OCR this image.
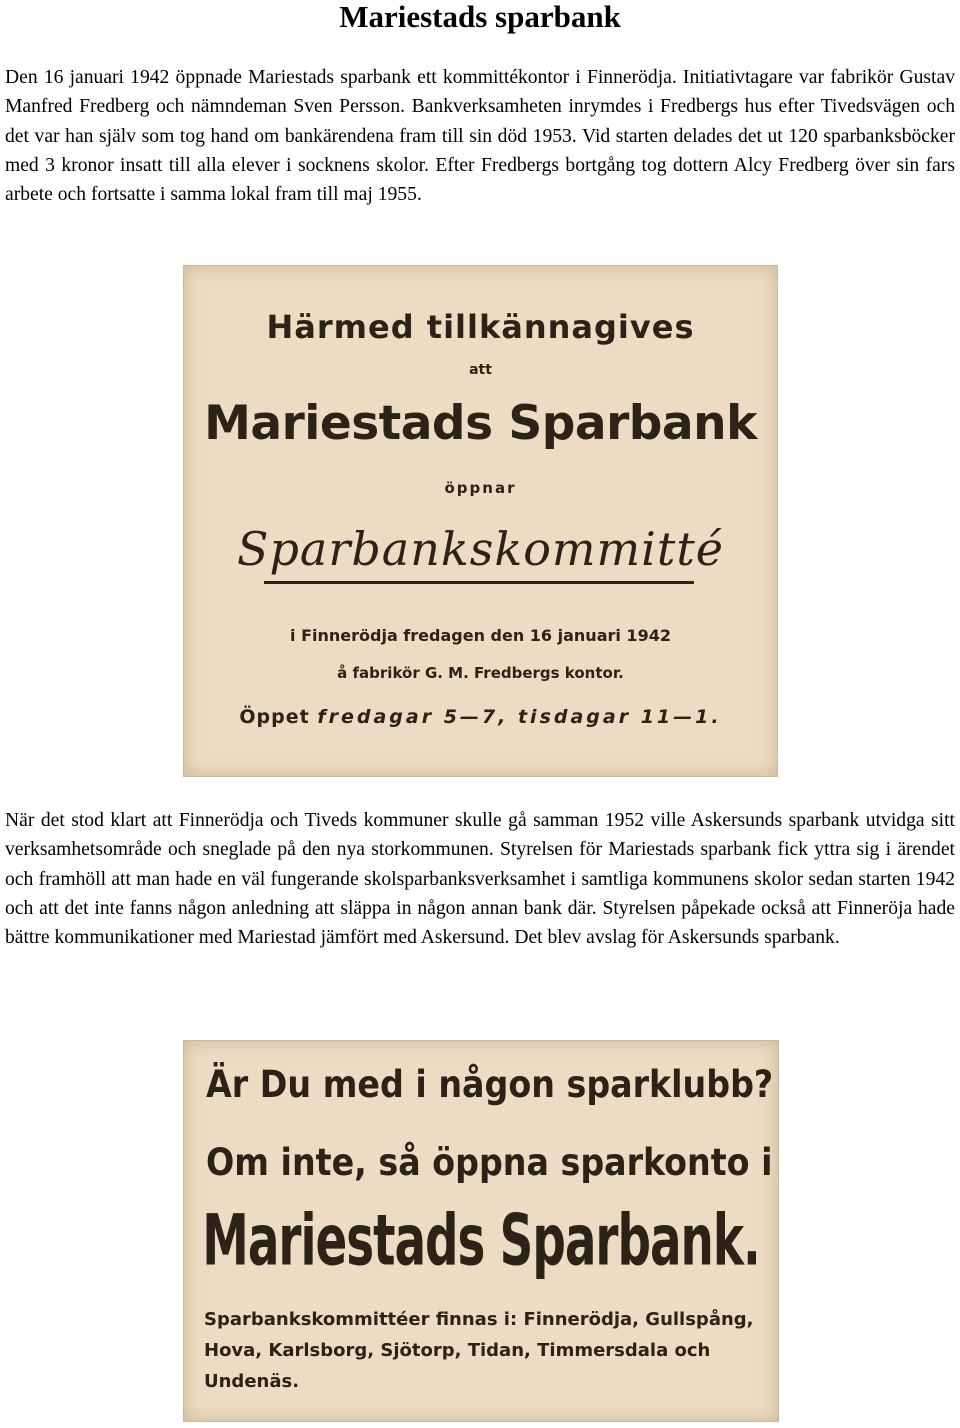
Mariestads sparbank

Den 16 januari 1942 öppnade Mariestads sparbank ett kommittékontor i Finnerödja. Initiativtagare var fabrikör Gustav Manfred Fredberg och nämndeman Sven Persson. Bankverksamheten inrymdes i Fredbergs hus efter Tivedsvägen och det var han själv som tog hand om bankärendena fram till sin död 1953. Vid starten delades det ut 120 sparbanksböcker med 3 kronor insatt till alla elever i socknens skolor. Efter Fredbergs bortgång tog dottern Alcy Fredberg över sin fars arbete och fortsatte i samma lokal fram till maj 1955.

Härmed tillkännagives
att
Mariestads Sparbank
öppnar
Sparbankskommitté
i Finnerödja fredagen den 16 januari 1942
å fabrikör G. M. Fredbergs kontor.
Öppet fredagar 5—7, tisdagar 11—1.

När det stod klart att Finnerödja och Tiveds kommuner skulle gå samman 1952 ville Askersunds sparbank utvidga sitt verksamhetsområde och sneglade på den nya storkommunen. Styrelsen för Mariestads sparbank fick yttra sig i ärendet och framhöll att man hade en väl fungerande skolsparbanksverksamhet i samtliga kommunens skolor sedan starten 1942 och att det inte fanns någon anledning att släppa in någon annan bank där. Styrelsen påpekade också att Finneröja hade bättre kommunikationer med Mariestad jämfört med Askersund. Det blev avslag för Askersunds sparbank.

Är Du med i någon sparklubb?
Om inte, så öppna sparkonto i
Mariestads Sparbank.
Sparbankskommittéer finnas i: Finnerödja, Gullspång, Hova, Karlsborg, Sjötorp, Tidan, Timmersdala och Undenäs.
